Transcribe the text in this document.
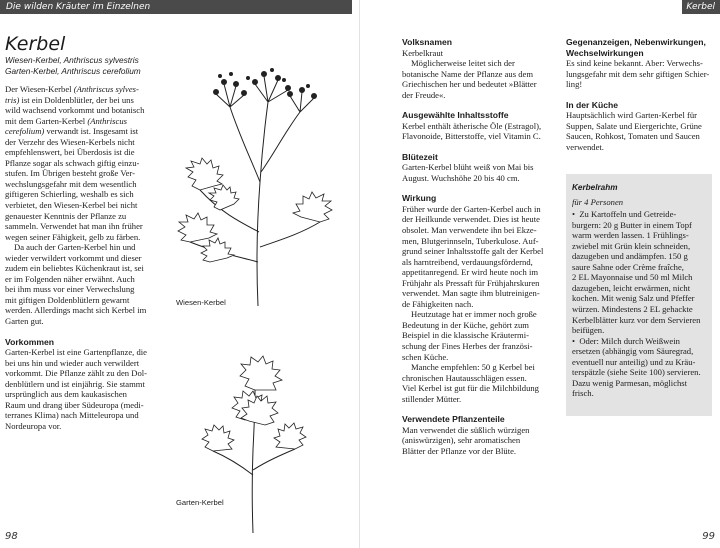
Die wilden Kräuter im Einzelnen	Kerbel

Kerbel

Wiesen-Kerbel, Anthriscus sylvestris

Garten-Kerbel, Anthriscus cerefolium

Der Wiesen-Kerbel (Anthriscus sylves-

tris) ist ein Doldenblütler, der bei uns

wild wachsend vorkommt und botanisch

mit dem Garten-Kerbel (Anthriscus

cerefolium) verwandt ist. Insgesamt ist

der Verzehr des Wiesen-Kerbels nicht

empfehlenswert, bei Überdosis ist die

Pflanze sogar als schwach giftig einzu-

stufen. Im Übrigen besteht große Ver-

wechslungsgefahr mit dem wesentlich

giftigeren Schierling, weshalb es sich

verbietet, den Wiesen-Kerbel bei nicht

genauester Kenntnis der Pflanze zu

sammeln. Verwendet hat man ihn früher

wegen seiner Fähigkeit, gelb zu färben.

Da auch der Garten-Kerbel hin und

wieder verwildert vorkommt und dieser

zudem ein beliebtes Küchenkraut ist, sei

er im Folgenden näher erwähnt. Auch

bei ihm muss vor einer Verwechslung

mit giftigen Doldenblütlern gewarnt

werden. Allerdings macht sich Kerbel im

Garten gut.

Vorkommen

Garten-Kerbel ist eine Gartenpflanze, die

bei uns hin und wieder auch verwildert

vorkommt. Die Pflanze zählt zu den Dol-

denblütlern und ist einjährig. Sie stammt

ursprünglich aus dem kaukasischen

Raum und drang über Südeuropa (medi-

terranes Klima) nach Mitteleuropa und

Nordeuropa vor.

Wiesen-Kerbel
Garten-Kerbel

Volksnamen

Kerbelkraut

Möglicherweise leitet sich der

botanische Name der Pflanze aus dem

Griechischen her und bedeutet »Blätter

der Freude«.

Ausgewählte Inhaltsstoffe

Kerbel enthält ätherische Öle (Estragol),

Flavonoide, Bitterstoffe, viel Vitamin C.

Blütezeit

Garten-Kerbel blüht weiß von Mai bis

August. Wuchshöhe 20 bis 40 cm.

Wirkung

Früher wurde der Garten-Kerbel auch in

der Heilkunde verwendet. Dies ist heute

obsolet. Man verwendete ihn bei Ekze-

men, Blutgerinnseln, Tuberkulose. Auf-

grund seiner Inhaltsstoffe galt der Kerbel

als harntreibend, verdauungsfördernd,

appetitanregend. Er wird heute noch im

Frühjahr als Pressaft für Frühjahrskuren

verwendet. Man sagte ihm blutreinigen-

de Fähigkeiten nach.

Heutzutage hat er immer noch große

Bedeutung in der Küche, gehört zum

Beispiel in die klassische Kräutermi-

schung der Fines Herbes der französi-

schen Küche.

Manche empfehlen: 50 g Kerbel bei

chronischen Hautausschlägen essen.

Viel Kerbel ist gut für die Milchbildung

stillender Mütter.

Verwendete Pflanzenteile

Man verwendet die süßlich würzigen

(aniswürzigen), sehr aromatischen

Blätter der Pflanze vor der Blüte.

Gegenanzeigen, Nebenwirkungen,

Wechselwirkungen

Es sind keine bekannt. Aber: Verwechs-

lungsgefahr mit dem sehr giftigen Schier-

ling!

In der Küche

Hauptsächlich wird Garten-Kerbel für

Suppen, Salate und Eiergerichte, Grüne

Saucen, Rohkost, Tomaten und Saucen

verwendet.

Kerbelrahm

für 4 Personen

• Zu Kartoffeln und Getreide-

burgern: 20 g Butter in einem Topf

warm werden lassen. 1 Frühlings-

zwiebel mit Grün klein schneiden,

dazugeben und andämpfen. 150 g

saure Sahne oder Crème fraîche,

2 EL Mayonnaise und 50 ml Milch

dazugeben, leicht erwärmen, nicht

kochen. Mit wenig Salz und Pfeffer

würzen. Mindestens 2 EL gehackte

Kerbelblätter kurz vor dem Servieren

beifügen.

• Oder: Milch durch Weißwein

ersetzen (abhängig vom Säuregrad,

eventuell nur anteilig) und zu Kräu-

terspätzle (siehe Seite 100) servieren.

Dazu wenig Parmesan, möglichst

frisch.

98	99
